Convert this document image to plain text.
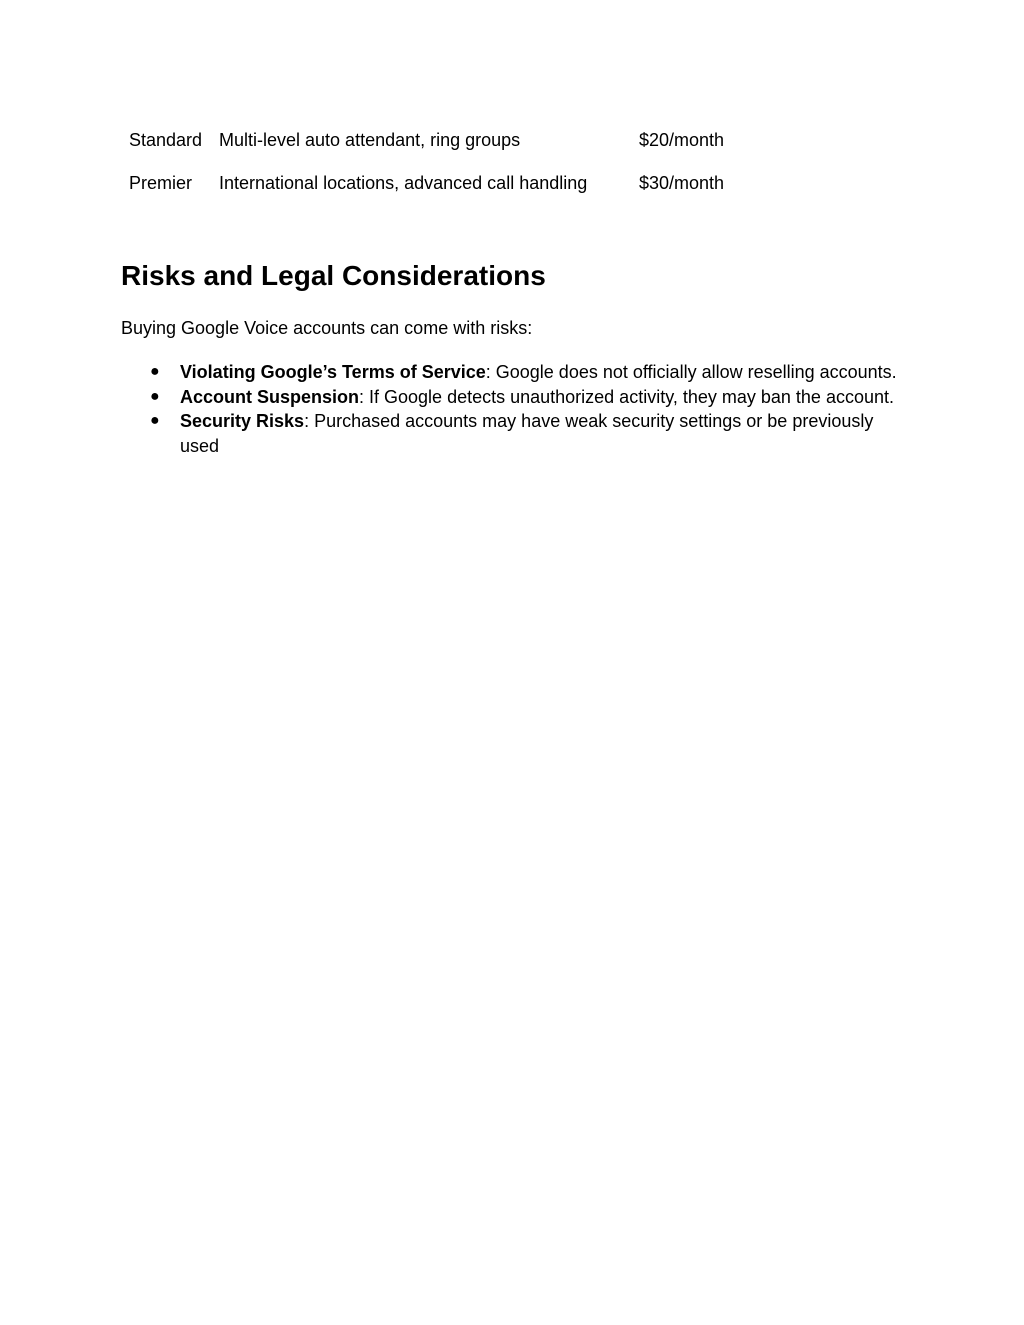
Standard	Multi-level auto attendant, ring groups	$20/month
Premier	International locations, advanced call handling	$30/month
Risks and Legal Considerations

Buying Google Voice accounts can come with risks:

● Violating Google’s Terms of Service: Google does not officially allow reselling accounts.
● Account Suspension: If Google detects unauthorized activity, they may ban the account.
● Security Risks: Purchased accounts may have weak security settings or be previously used
